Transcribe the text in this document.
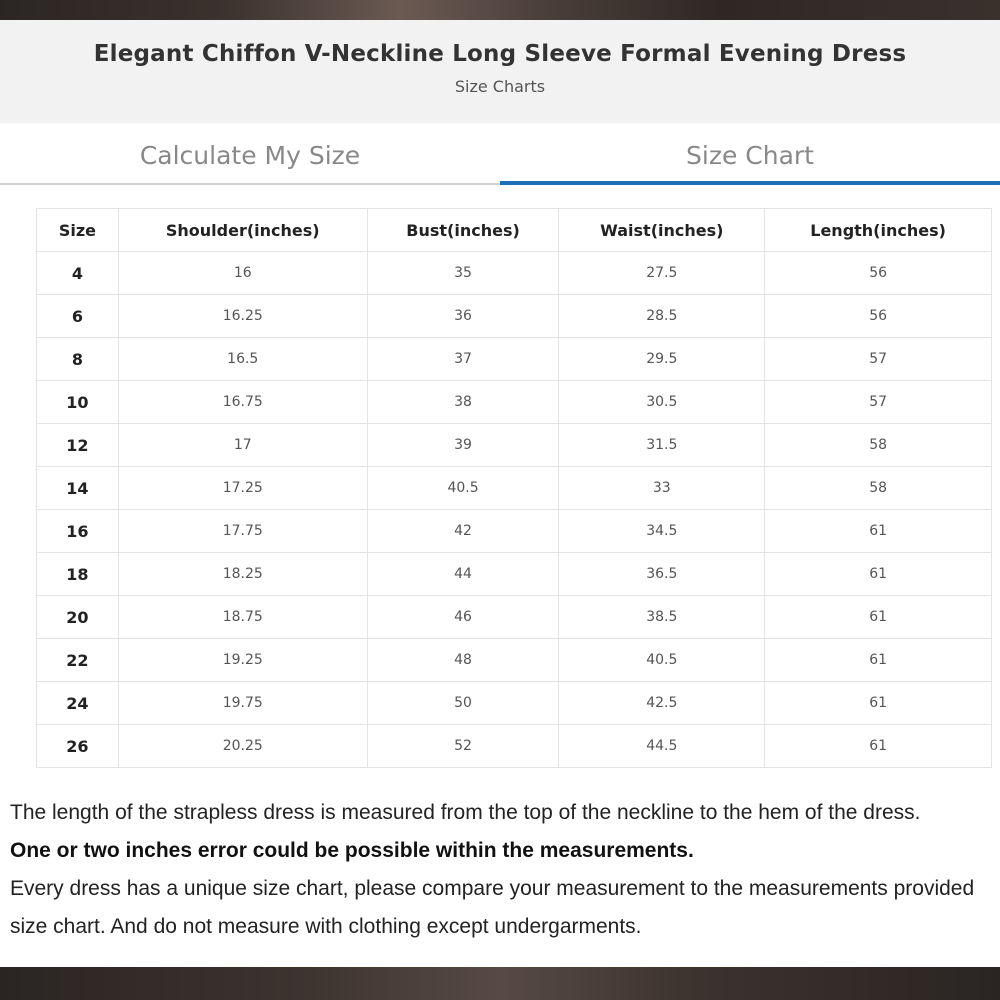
Elegant Chiffon V-Neckline Long Sleeve Formal Evening Dress
Size Charts
Calculate My Size	Size Chart
Size	Shoulder(inches)	Bust(inches)	Waist(inches)	Length(inches)
4	16	35	27.5	56
6	16.25	36	28.5	56
8	16.5	37	29.5	57
10	16.75	38	30.5	57
12	17	39	31.5	58
14	17.25	40.5	33	58
16	17.75	42	34.5	61
18	18.25	44	36.5	61
20	18.75	46	38.5	61
22	19.25	48	40.5	61
24	19.75	50	42.5	61
26	20.25	52	44.5	61

The length of the strapless dress is measured from the top of the neckline to the hem of the dress.

One or two inches error could be possible within the measurements.

Every dress has a unique size chart, please compare your measurement to the measurements provided

size chart. And do not measure with clothing except undergarments.
